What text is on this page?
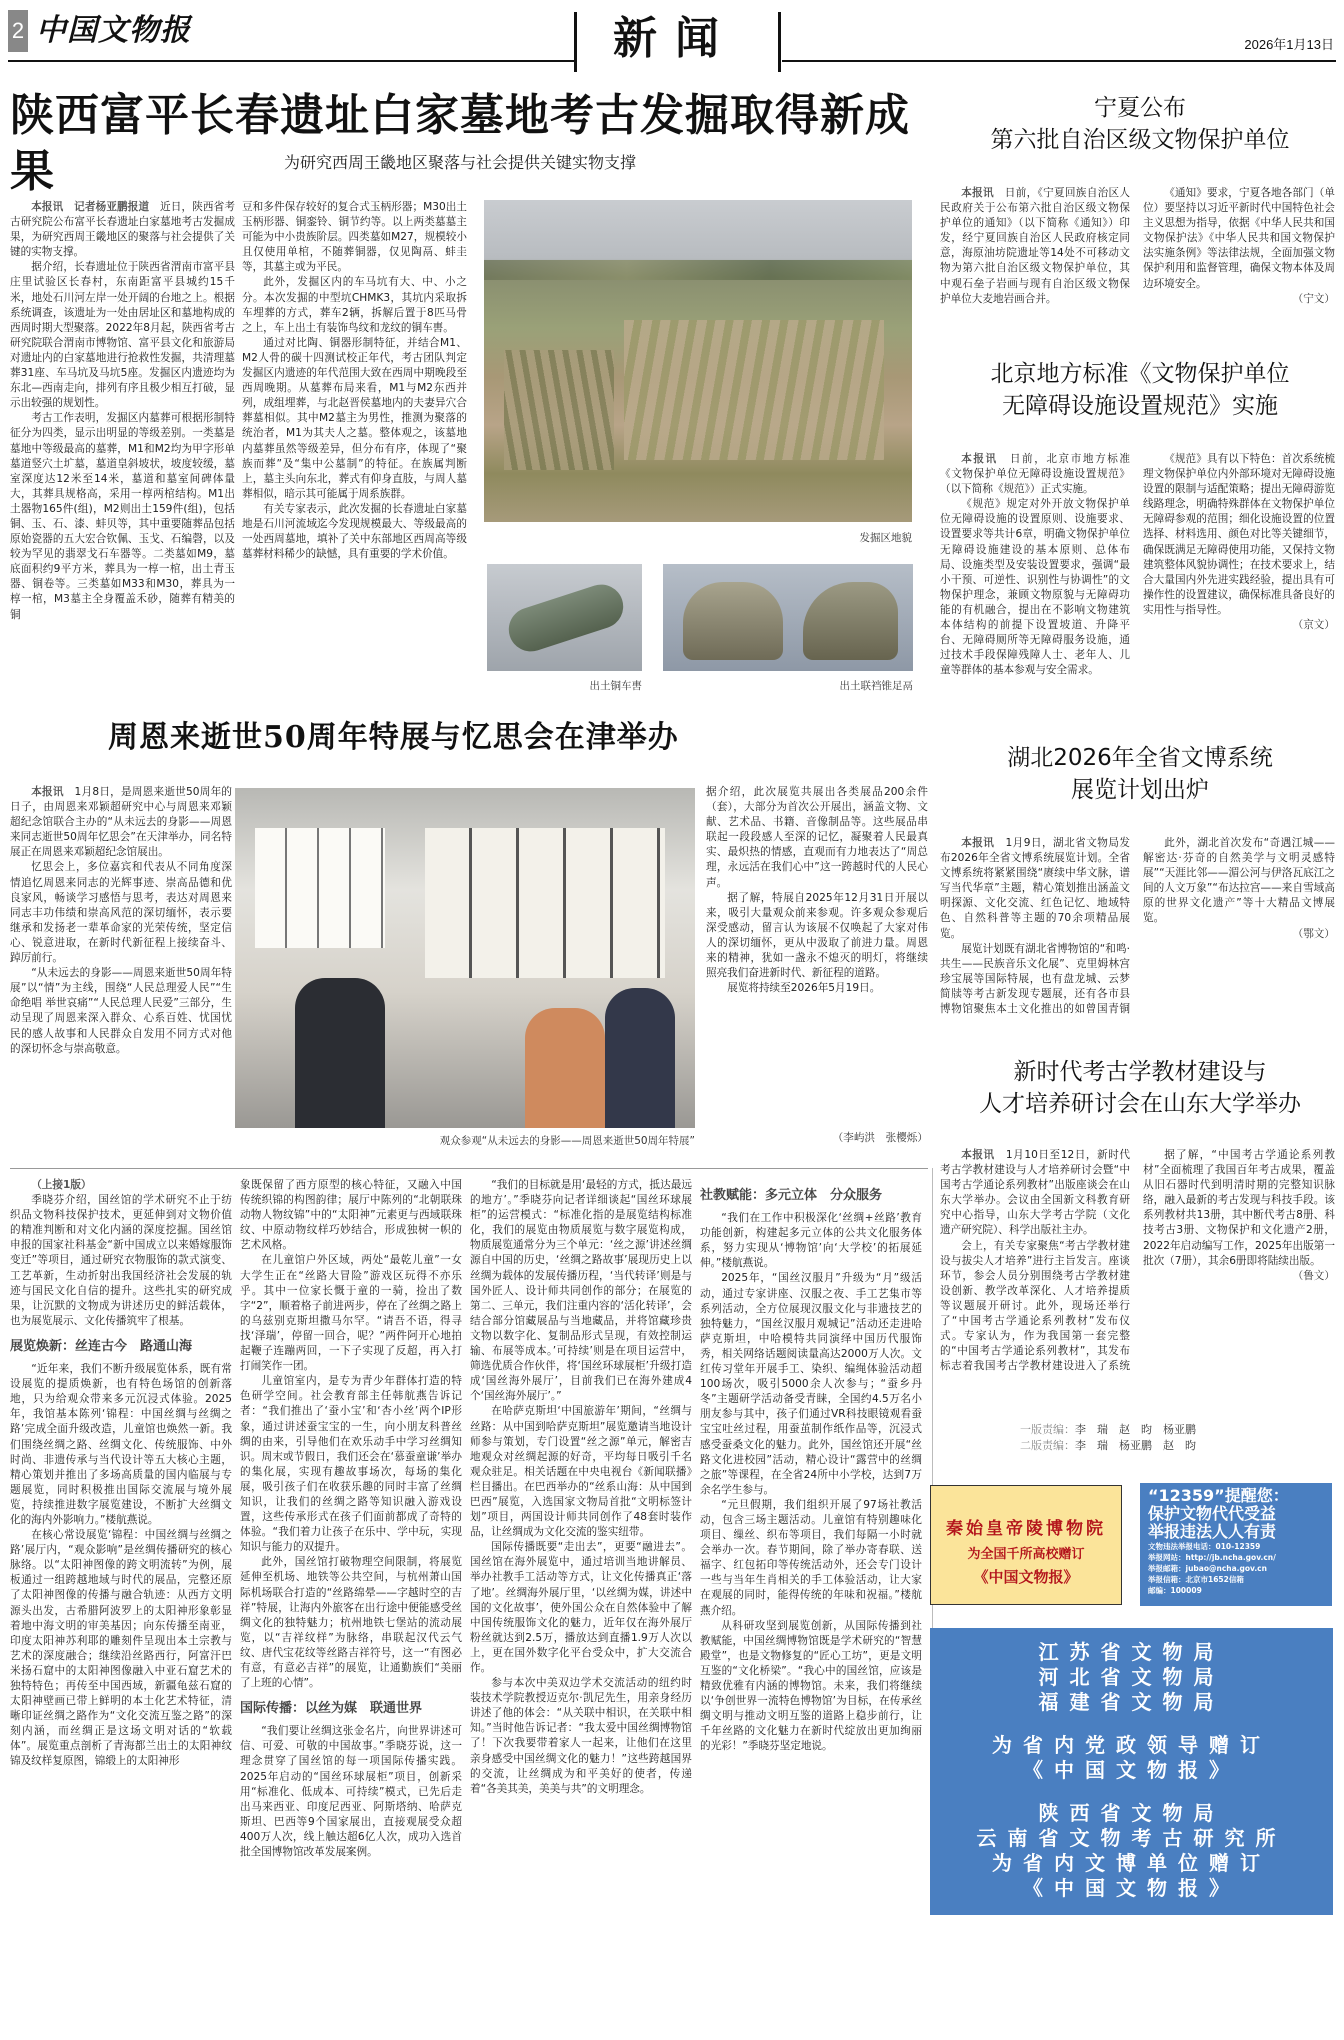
2 中国文物报	新闻	2026年1月13日
陕西富平长春遗址白家墓地考古发掘取得新成果	为研究西周王畿地区聚落与社会提供关键实物支撑

本报讯　记者杨亚鹏报道　 近日，陕西省考古研究院公布富平长春遗址白家墓地考古发掘成果，为研究西周王畿地区的聚落与社会提供了关键的实物支撑。

据介绍，长春遗址位于陕西省渭南市富平县庄里试验区长春村，东南距富平县城约15千米，地处石川河左岸一处开阔的台地之上。根据系统调查，该遗址为一处由居址区和墓地构成的西周时期大型聚落。2022年8月起，陕西省考古研究院联合渭南市博物馆、富平县文化和旅游局对遗址内的白家墓地进行抢救性发掘，共清理墓葬31座、车马坑及马坑5座。发掘区内遗迹均为东北—西南走向，排列有序且极少相互打破，显示出较强的规划性。

考古工作表明，发掘区内墓葬可根据形制特征分为四类，显示出明显的等级差别。一类墓是墓地中等级最高的墓葬，M1和M2均为甲字形单墓道竖穴土圹墓，墓道皇斜坡状，坡度较缓，墓室深度达12米至14米，墓道和墓室间碑体量大，其葬具规格高，采用一椁两棺结构。M1出土器物165件(组)，M2则出土159件(组)，包括铜、玉、石、漆、蚌贝等，其中重要随葬品包括原始瓷器的五大宏合钦佩、玉戈、石编磬，以及较为罕见的翡翠戈石车器等。二类墓如M9，墓底面积约9平方米，葬具为一椁一棺，出土青玉器、铜卷等。三类墓如M33和M30，葬具为一椁一棺，M3墓主全身覆盖禾砂，随葬有精美的铜

豆和多件保存较好的复合式玉柄形器；M30出土玉柄形器、铜銮铃、铜节约等。以上两类墓墓主可能为中小贵族阶层。四类墓如M27，规模较小且仅使用单棺，不随葬铜器，仅见陶鬲、蚌圭等，其墓主或为平民。

此外，发掘区内的车马坑有大、中、小之分。本次发掘的中型坑CHMK3，其坑内采取拆车埋葬的方式，葬车2辆，拆解后置于8匹马骨之上，车上出土有装饰鸟纹和龙纹的铜车軎。

通过对比陶、铜器形制特征，并结合M1、M2人骨的碳十四测试校正年代，考古团队判定发掘区内遗迹的年代范围大致在西周中期晚段至西周晚期。从墓葬布局来看，M1与M2东西并列，成组埋葬，与北赵晋侯墓地内的夫妻异穴合葬墓相似。其中M2墓主为男性，推测为聚落的统治者，M1为其夫人之墓。整体观之，该墓地内墓葬虽然等级差异，但分布有序，体现了“聚族而葬”及“集中公墓制”的特征。在族属判断上，墓主头向东北，葬式有仰身直肢，与周人墓葬相似，暗示其可能属于周系族群。

有关专家表示，此次发掘的长春遗址白家墓地是石川河流域迄今发现规模最大、等级最高的一处西周墓地，填补了关中东部地区西周高等级墓葬材料稀少的缺憾，具有重要的学术价值。

发掘区地貌
出土铜车軎	出土联裆锥足鬲
周恩来逝世50周年特展与忆思会在津举办

本报讯　 1月8日，是周恩来逝世50周年的日子，由周恩来邓颖超研究中心与周恩来邓颖超纪念馆联合主办的“从未远去的身影——周恩来同志逝世50周年忆思会”在天津举办，同名特展正在周恩来邓颖超纪念馆展出。

忆思会上，多位嘉宾和代表从不同角度深情追忆周恩来同志的光辉事迹、崇高品德和优良家风，畅谈学习感悟与思考，表达对周恩来同志丰功伟绩和崇高风范的深切缅怀，表示要继承和发扬老一辈革命家的光荣传统，坚定信心、锐意进取，在新时代新征程上接续奋斗、踔厉前行。

“从未远去的身影——周恩来逝世50周年特展”以“情”为主线，围绕“人民总理爱人民”“生命绝唱 举世哀痛”“人民总理人民爱”三部分，生动呈现了周恩来深入群众、心系百姓、忧国忧民的感人故事和人民群众自发用不同方式对他的深切怀念与崇高敬意。

观众参观“从未远去的身影——周恩来逝世50周年特展”

据介绍，此次展览共展出各类展品200余件（套），大部分为首次公开展出，涵盖文物、文献、艺术品、书籍、音像制品等。这些展品串联起一段段感人至深的记忆，凝聚着人民最真实、最炽热的情感，直观而有力地表达了“周总理，永远活在我们心中”这一跨越时代的人民心声。

据了解，特展自2025年12月31日开展以来，吸引大量观众前来参观。许多观众参观后深受感动，留言认为该展不仅唤起了大家对伟人的深切缅怀，更从中汲取了前进力量。周恩来的精神，犹如一盏永不熄灭的明灯，将继续照亮我们奋进新时代、新征程的道路。

展览将持续至2026年5月19日。

（李屿洪　张樱烁）

（上接1版）

季晓芬介绍，国丝馆的学术研究不止于纺织品文物科技保护技术，更延伸到对文物价值的精准判断和对文化内涵的深度挖掘。国丝馆申报的国家社科基金“新中国成立以来婚嫁服饰变迁”等项目，通过研究衣物服饰的款式演变、工艺革新，生动折射出我国经济社会发展的轨迹与国民文化自信的提升。这些扎实的研究成果，让沉默的文物成为讲述历史的鲜活载体，也为展览展示、文化传播筑牢了根基。

展览焕新：丝连古今　路通山海

“近年来，我们不断升级展览体系，既有常设展览的提质焕新，也有特色场馆的创新落地，只为给观众带来多元沉浸式体验。2025年，我馆基本陈列‘锦程：中国丝绸与丝绸之路’完成全面升级改造，儿童馆也焕然一新。我们围绕丝绸之路、丝绸文化、传统服饰、中外时尚、非遗传承与当代设计等五大核心主题，精心策划并推出了多场高质量的国内临展与专题展览，同时积极推出国际交流展与境外展览，持续推进数字展览建设，不断扩大丝绸文化的海内外影响力。”楼航燕说。

在核心常设展览‘锦程：中国丝绸与丝绸之路’展厅内，“观众影响”是丝绸传播研究的核心脉络。以“太阳神图像的跨文明流转”为例，展板通过一组跨越地域与时代的展品，完整还原了太阳神图像的传播与融合轨迹：从西方文明源头出发，古希腊阿波罗上的太阳神形象彰显着地中海文明的审美基因；向东传播至南亚，印度太阳神苏利耶的雕刻件呈现出本土宗教与艺术的深度融合；继续沿丝路西行，阿富汗巴米扬石窟中的太阳神图像融入中亚石窟艺术的独特特色；再传至中国西域，新疆龟兹石窟的太阳神壁画已带上鲜明的本土化艺术特征，清晰印证丝绸之路作为“文化交流互鉴之路”的深刻内涵，而丝绸正是这场文明对话的“软载体”。展览重点剖析了青海都兰出土的太阳神纹锦及纹样复原图，锦缎上的太阳神形

象既保留了西方原型的核心特征，又融入中国传统织锦的构图韵律；展厅中陈列的“北朝联珠动物人物纹锦”中的“太阳神”元素更与西域联珠纹、中原动物纹样巧妙结合，形成独树一帜的艺术风格。

在儿童馆户外区域，两处“最乾儿童”一女大学生正在“丝路大冒险”游戏区玩得不亦乐乎。其中一位家长慨于童的一骑，捡出了数字“2”，顺着格子前进两步，停在了丝绸之路上的乌兹别克斯坦撒马尔罕。“请吾不语，得寻找‘泽瑞’，停留一回合，呢？”两件阿开心地拍起鞭子连蹦两回，一下子实现了反超，再入打打闹笑作一团。

儿童馆室内，是专为青少年群体打造的特色研学空间。社会教育部主任韩航燕告诉记者：“我们推出了‘蚕小宝’和‘杏小丝’两个IP形象，通过讲述蚕宝宝的一生，向小朋友科普丝绸的由来，引导他们在欢乐动手中学习丝绸知识。周末或节假日，我们还会在‘慕蚕童谦’举办的集化展，实现有趣故事场次，每场的集化展，吸引孩子们在收获乐趣的同时丰富了丝绸知识，让我们的丝绸之路等知识融入游戏设置，这些传承形式在孩子们面前都成了奇特的体验。“我们着力让孩子在乐中、学中玩，实现知识与能力的双提升。

此外，国丝馆打破物理空间限制，将展览延伸至机场、地铁等公共空间，与杭州萧山国际机场联合打造的“丝路绵晕——字越时空的吉祥”特展，让海内外旅客在出行途中便能感受丝绸文化的独特魅力；杭州地铁七堡站的流动展览，以“吉祥纹样”为脉络，串联起汉代云气纹、唐代宝花纹等丝路吉祥符号，这一“有图必有意，有意必吉祥”的展览，让通勤族们“美丽了上班的心情”。

国际传播：以丝为媒　联通世界

“我们要让丝绸这张金名片，向世界讲述可信、可爱、可敬的中国故事。”季晓芬说，这一理念贯穿了国丝馆的每一项国际传播实践。2025年启动的“国丝环球展柜”项目，创新采用“标准化、低成本、可持续”模式，已先后走出马来西亚、印度尼西亚、阿斯塔纳、哈萨克斯坦、巴西等9个国家展出，直接观展受众超400万人次，线上触达超6亿人次，成功入选首批全国博物馆改革发展案例。

“我们的目标就是用‘最轻的方式，抵达最远的地方’。”季晓芬向记者详细谈起“国丝环球展柜”的运营模式：“标准化指的是展览结构标准化，我们的展览由物质展览与数字展览构成，物质展览通常分为三个单元：‘丝之源’讲述丝绸源自中国的历史，‘丝绸之路故事’展现历史上以丝绸为载体的发展传播历程，‘当代转译’则是与国外匠人、设计师共同创作的部分；在展览的第二、三单元，我们注重内容的‘活化转译’，会结合部分馆藏展品与当地藏品，并将馆藏珍贵文物以数字化、复制品形式呈现，有效控制运输、布展等成本。’可持续’则是在项目运营中，筛选优质合作伙伴，将‘国丝环球展柜’升级打造成‘国丝海外展厅’，目前我们已在海外建成4个‘国丝海外展厅’。”

在哈萨克斯坦‘中国旅游年’期间，“丝绸与丝路：从中国到哈萨克斯坦”展览邀请当地设计师参与策划，专门设置“丝之源”单元，解密吉地观众对丝绸起源的好奇，平均每日吸引千名观众驻足。相关话题在中央电视台《新闻联播》栏目播出。在巴西举办的“丝系山海：从中国到巴西”展览，入选国家文物局首批“文明标签计划”项目，两国设计师共同创作了48套时装作品，让丝绸成为文化交流的鉴实纽带。

国际传播既要“走出去”，更要“融进去”。国丝馆在海外展览中，通过培训当地讲解员、举办社教手工活动等方式，让文化传播真正‘落了地’。丝绸海外展厅里，‘以丝绸为媒，讲述中国的文化故事’，使外国公众在自然体验中了解中国传统服饰文化的魅力，近年仅在海外展厅粉丝就达到2.5万，播放达到直播1.9万人次以上，更在国外数字化平台受众中，扩大交流合作。

参与本次中美双边学术交流活动的纽约时装技术学院教授迈克尔·凯尼先生，用亲身经历讲述了他的体会：“从关联中相识，在关联中相知。”当时他告诉记者：“我太爱中国丝绸博物馆了！下次我要带着家人一起来，让他们在这里亲身感受中国丝绸文化的魅力！”这些跨越国界的交流，让丝绸成为和平美好的使者，传递着“各美其美，美美与共”的文明理念。

社教赋能：多元立体　分众服务

“我们在工作中积极深化‘丝绸+丝路’教育功能创新，构建起多元立体的公共文化服务体系，努力实现从‘博物馆’向‘大学校’的拓展延伸。”楼航燕说。

2025年，“国丝汉服月”升级为“月”级活动，通过专家讲座、汉服之夜、手工艺集市等系列活动，全方位展现汉服文化与非遗技艺的独特魅力，“国丝汉服月观城记”活动还走进哈萨克斯坦，中哈模特共同演绎中国历代服饰秀，相关网络话题阅读量高达2000万人次。文红传习堂年开展手工、染织、编绳体验活动超100场次，吸引5000余人次参与；“蚕乡丹冬”主题研学活动备受青睐，全国约4.5万名小朋友参与其中，孩子们通过VR科技眼镜观看蚕宝宝吐丝过程，用蚕茧制作纸作品等，沉浸式感受蚕桑文化的魅力。此外，国丝馆还开展“丝路文化进校园”活动，精心设计“露营中的丝绸之旅”等课程，在全省24所中小学校，达到7万余名学生参与。

“元旦假期，我们组织开展了97场社教活动，包含三场主题活动。儿童馆有特别趣味化项目、缫丝、织布等项目，我们每隔一小时就会举办一次。春节期间，除了举办寄春联、送福字、红包拓印等传统活动外，还会专门设计一些与当年生肖相关的手工体验活动，让大家在观展的同时，能得传统的年味和祝福。”楼航燕介绍。

从科研攻坚到展览创新，从国际传播到社教赋能，中国丝绸博物馆既是学术研究的“智慧殿堂”，也是文物修复的“匠心工坊”，更是文明互鉴的“文化桥梁”。“我心中的国丝馆，应该是精致优雅有内涵的博物馆。未来，我们将继续以‘争创世界一流特色博物馆’为目标，在传承丝绸文明与推动文明互鉴的道路上稳步前行，让千年丝路的文化魅力在新时代绽放出更加绚丽的光彩！”季晓芬坚定地说。

宁夏公布
第六批自治区级文物保护单位

本报讯　 日前，《宁夏回族自治区人民政府关于公布第六批自治区级文物保护单位的通知》（以下简称《通知》）印发，经宁夏回族自治区人民政府核定同意，海原油坊院遗址等14处不可移动文物为第六批自治区级文物保护单位，其中观石垒子岩画与现有自治区级文物保护单位大麦地岩画合并。

《通知》要求，宁夏各地各部门（单位）要坚持以习近平新时代中国特色社会主义思想为指导，依据《中华人民共和国文物保护法》《中华人民共和国文物保护法实施条例》等法律法规，全面加强文物保护利用和监督管理，确保文物本体及周边环境安全。

（宁文）
北京地方标准《文物保护单位
无障碍设施设置规范》实施

本报讯　 日前，北京市地方标准《文物保护单位无障碍设施设置规范》（以下简称《规范》）正式实施。

《规范》规定对外开放文物保护单位无障碍设施的设置原则、设施要求、设置要求等共计6章，明确文物保护单位无障碍设施建设的基本原则、总体布局、设施类型及安装设置要求，强调“最小干预、可逆性、识别性与协调性”的文物保护理念，兼顾文物原貌与无障碍功能的有机融合，提出在不影响文物建筑本体结构的前提下设置坡道、升降平台、无障碍厕所等无障碍服务设施，通过技术手段保障残障人士、老年人、儿童等群体的基本参观与安全需求。

《规范》具有以下特色：首次系统梳理文物保护单位内外部环境对无障碍设施设置的限制与适配策略；提出无障碍游览线路理念，明确特殊群体在文物保护单位无障碍参观的范围；细化设施设置的位置选择、材料选用、颜色对比等关键细节，确保既满足无障碍使用功能，又保持文物建筑整体风貌协调性；在技术要求上，结合大量国内外先进实践经验，提出具有可操作性的设置建议，确保标准具备良好的实用性与指导性。

（京文）
湖北2026年全省文博系统
展览计划出炉

本报讯　 1月9日，湖北省文物局发布2026年全省文博系统展览计划。全省文博系统将紧紧围绕“赓续中华文脉，谱写当代华章”主题，精心策划推出涵盖文明探源、文化交流、红色记忆、地域特色、自然科普等主题的70余项精品展览。

展览计划既有湖北省博物馆的“和鸣·共生——民族音乐文化展”、克里姆林宫珍宝展等国际特展，也有盘龙城、云梦简牍等考古新发现专题展，还有各市县博物馆聚焦本土文化推出的如曾国青铜

此外，湖北首次发布“奇遇江城——解密达·芬奇的自然美学与文明灵感特展”“天涯比邻——湄公河与伊洛瓦底江之间的人文万象”“布达拉宫——来自雪域高原的世界文化遗产”等十大精品文博展览。

（鄂文）
新时代考古学教材建设与
人才培养研讨会在山东大学举办

本报讯　 1月10日至12日，新时代考古学教材建设与人才培养研讨会暨“中国考古学通论系列教材”出版座谈会在山东大学举办。会议由全国新文科教育研究中心指导，山东大学考古学院（文化遗产研究院）、科学出版社主办。

会上，有关专家聚焦“考古学教材建设与拔尖人才培养”进行主旨发言。座谈环节，参会人员分别围绕考古学教材建设创新、教学改革深化、人才培养提质等议题展开研讨。此外，现场还举行了“中国考古学通论系列教材”发布仪式。专家认为，作为我国第一套完整的“中国考古学通论系列教材”，其发布标志着我国考古学教材建设进入了系统

据了解，“中国考古学通论系列教材”全面梳理了我国百年考古成果，覆盖从旧石器时代到明清时期的完整知识脉络，融入最新的考古发现与科技手段。该系列教材共13册，其中断代考古8册、科技考古3册、文物保护和文化遗产2册，2022年启动编写工作，2025年出版第一批次（7册），其余6册即将陆续出版。

（鲁文）
一版责编：李　瑞　赵　昀　杨亚鹏
二版责编：李　瑞　杨亚鹏　赵　昀
秦始皇帝陵博物院
为全国千所高校赠订
《中国文物报》
“12359”提醒您：
保护文物代代受益
举报违法人人有责
文物违法举报电话：010-12359
举报网站：http://jb.ncha.gov.cn/
举报邮箱：jubao@ncha.gov.cn
举报信箱：北京市1652信箱
邮编：100009
江苏省文物局
河北省文物局
福建省文物局
为省内党政领导赠订
《中国文物报》
陕西省文物局
云南省文物考古研究所
为省内文博单位赠订
《中国文物报》
